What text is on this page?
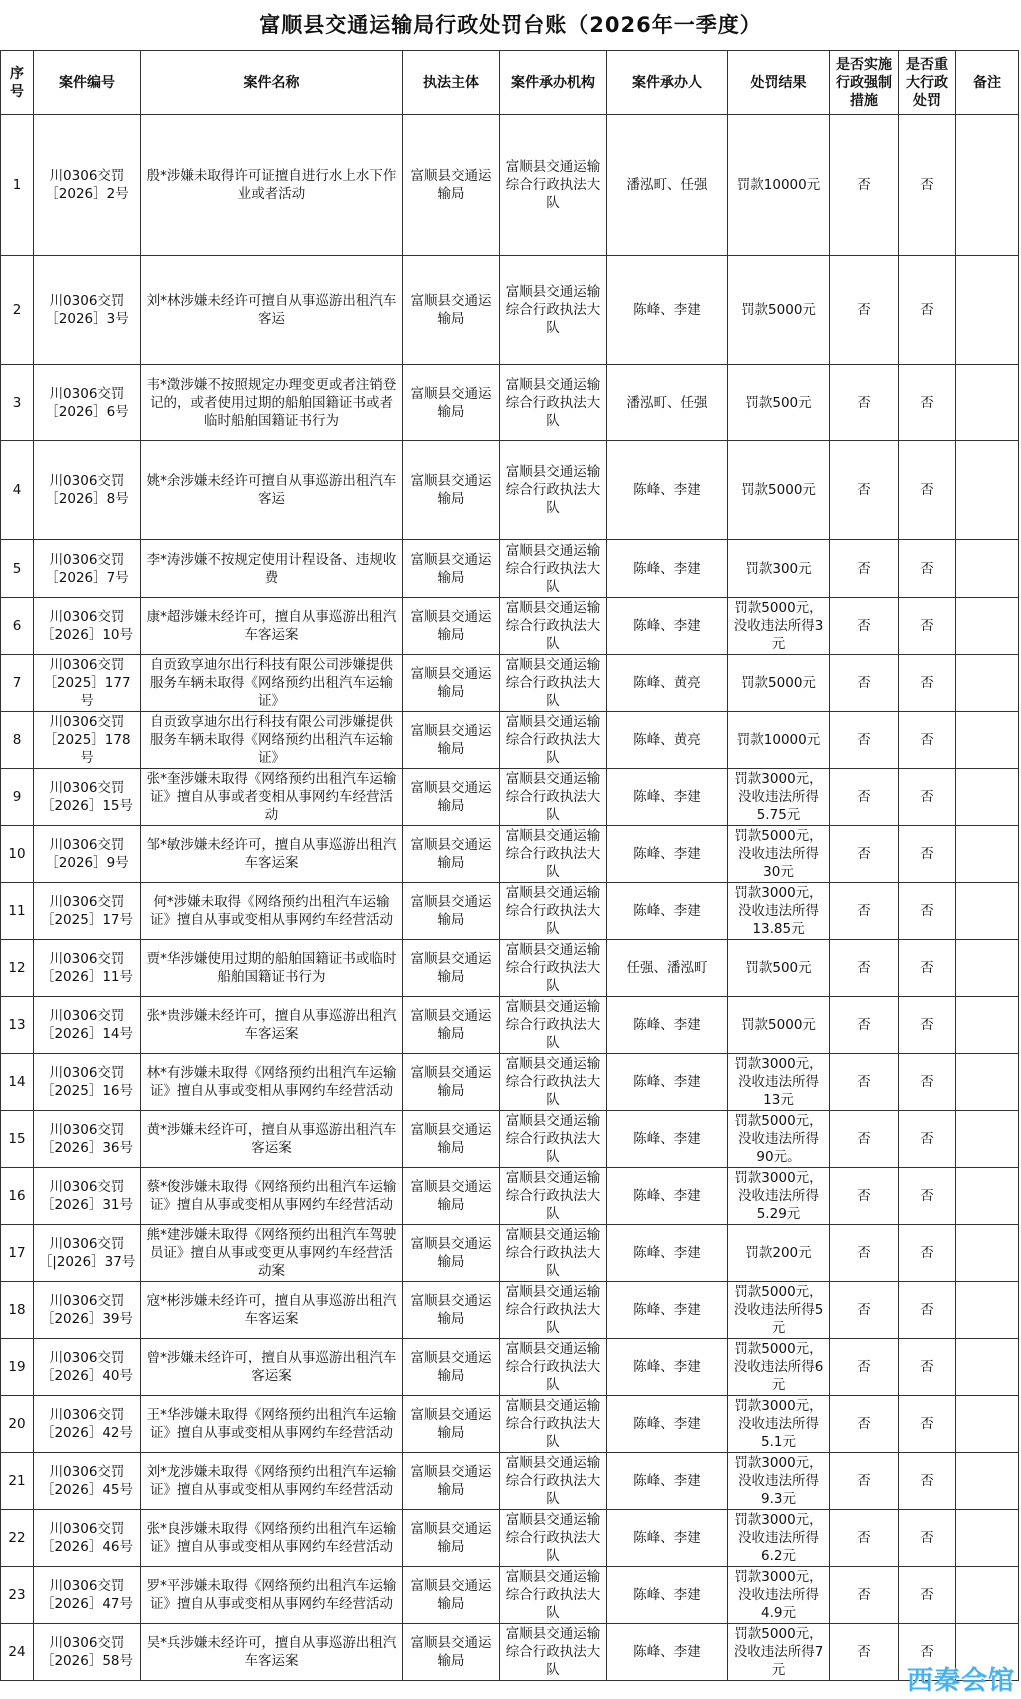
富顺县交通运输局行政处罚台账（2026年一季度）
序号	案件编号	案件名称	执法主体	案件承办机构	案件承办人	处罚结果	是否实施行政强制措施	是否重大行政处罚	备注
1	川0306交罚［2026］2号	殷*涉嫌未取得许可证擅自进行水上水下作业或者活动	富顺县交通运输局	富顺县交通运输综合行政执法大队	潘泓町、任强	罚款10000元	否	否	
2	川0306交罚［2026］3号	刘*林涉嫌未经许可擅自从事巡游出租汽车客运	富顺县交通运输局	富顺县交通运输综合行政执法大队	陈峰、李建	罚款5000元	否	否	
3	川0306交罚［2026］6号	韦*澂涉嫌不按照规定办理变更或者注销登记的，或者使用过期的船舶国籍证书或者临时船舶国籍证书行为	富顺县交通运输局	富顺县交通运输综合行政执法大队	潘泓町、任强	罚款500元	否	否	
4	川0306交罚［2026］8号	姚*余涉嫌未经许可擅自从事巡游出租汽车客运	富顺县交通运输局	富顺县交通运输综合行政执法大队	陈峰、李建	罚款5000元	否	否	
5	川0306交罚［2026］7号	李*涛涉嫌不按规定使用计程设备、违规收费	富顺县交通运输局	富顺县交通运输综合行政执法大队	陈峰、李建	罚款300元	否	否	
6	川0306交罚［2026］10号	康*超涉嫌未经许可，擅自从事巡游出租汽车客运案	富顺县交通运输局	富顺县交通运输综合行政执法大队	陈峰、李建	罚款5000元，没收违法所得3元	否	否	
7	川0306交罚［2025］177号	自贡致享迪尔出行科技有限公司涉嫌提供服务车辆未取得《网络预约出租汽车运输证》	富顺县交通运输局	富顺县交通运输综合行政执法大队	陈峰、黄亮	罚款5000元	否	否	
8	川0306交罚［2025］178号	自贡致享迪尔出行科技有限公司涉嫌提供服务车辆未取得《网络预约出租汽车运输证》	富顺县交通运输局	富顺县交通运输综合行政执法大队	陈峰、黄亮	罚款10000元	否	否	
9	川0306交罚［2026］15号	张*奎涉嫌未取得《网络预约出租汽车运输证》擅自从事或者变相从事网约车经营活动	富顺县交通运输局	富顺县交通运输综合行政执法大队	陈峰、李建	罚款3000元，没收违法所得5.75元	否	否	
10	川0306交罚［2026］9号	邹*敏涉嫌未经许可，擅自从事巡游出租汽车客运案	富顺县交通运输局	富顺县交通运输综合行政执法大队	陈峰、李建	罚款5000元，没收违法所得30元	否	否	
11	川0306交罚［2025］17号	何*涉嫌未取得《网络预约出租汽车运输证》擅自从事或变相从事网约车经营活动	富顺县交通运输局	富顺县交通运输综合行政执法大队	陈峰、李建	罚款3000元，没收违法所得13.85元	否	否	
12	川0306交罚［2026］11号	贾*华涉嫌使用过期的船舶国籍证书或临时船舶国籍证书行为	富顺县交通运输局	富顺县交通运输综合行政执法大队	任强、潘泓町	罚款500元	否	否	
13	川0306交罚［2026］14号	张*贵涉嫌未经许可，擅自从事巡游出租汽车客运案	富顺县交通运输局	富顺县交通运输综合行政执法大队	陈峰、李建	罚款5000元	否	否	
14	川0306交罚［2025］16号	林*有涉嫌未取得《网络预约出租汽车运输证》擅自从事或变相从事网约车经营活动	富顺县交通运输局	富顺县交通运输综合行政执法大队	陈峰、李建	罚款3000元，没收违法所得13元	否	否	
15	川0306交罚［2026］36号	黄*涉嫌未经许可，擅自从事巡游出租汽车客运案	富顺县交通运输局	富顺县交通运输综合行政执法大队	陈峰、李建	罚款5000元，没收违法所得90元。	否	否	
16	川0306交罚［2026］31号	蔡*俊涉嫌未取得《网络预约出租汽车运输证》擅自从事或变相从事网约车经营活动	富顺县交通运输局	富顺县交通运输综合行政执法大队	陈峰、李建	罚款3000元，没收违法所得5.29元	否	否	
17	川0306交罚［|2026］37号	熊*建涉嫌未取得《网络预约出租汽车驾驶员证》擅自从事或变更从事网约车经营活动案	富顺县交通运输局	富顺县交通运输综合行政执法大队	陈峰、李建	罚款200元	否	否	
18	川0306交罚［2026］39号	寇*彬涉嫌未经许可，擅自从事巡游出租汽车客运案	富顺县交通运输局	富顺县交通运输综合行政执法大队	陈峰、李建	罚款5000元，没收违法所得5元	否	否	
19	川0306交罚［2026］40号	曾*涉嫌未经许可，擅自从事巡游出租汽车客运案	富顺县交通运输局	富顺县交通运输综合行政执法大队	陈峰、李建	罚款5000元，没收违法所得6元	否	否	
20	川0306交罚［2026］42号	王*华涉嫌未取得《网络预约出租汽车运输证》擅自从事或变相从事网约车经营活动	富顺县交通运输局	富顺县交通运输综合行政执法大队	陈峰、李建	罚款3000元，没收违法所得5.1元	否	否	
21	川0306交罚［2026］45号	刘*龙涉嫌未取得《网络预约出租汽车运输证》擅自从事或变相从事网约车经营活动	富顺县交通运输局	富顺县交通运输综合行政执法大队	陈峰、李建	罚款3000元，没收违法所得9.3元	否	否	
22	川0306交罚［2026］46号	张*良涉嫌未取得《网络预约出租汽车运输证》擅自从事或变相从事网约车经营活动	富顺县交通运输局	富顺县交通运输综合行政执法大队	陈峰、李建	罚款3000元，没收违法所得6.2元	否	否	
23	川0306交罚［2026］47号	罗*平涉嫌未取得《网络预约出租汽车运输证》擅自从事或变相从事网约车经营活动	富顺县交通运输局	富顺县交通运输综合行政执法大队	陈峰、李建	罚款3000元，没收违法所得4.9元	否	否	
24	川0306交罚［2026］58号	吴*兵涉嫌未经许可，擅自从事巡游出租汽车客运案	富顺县交通运输局	富顺县交通运输综合行政执法大队	陈峰、李建	罚款5000元，没收违法所得7元	否	否	
西秦会馆
